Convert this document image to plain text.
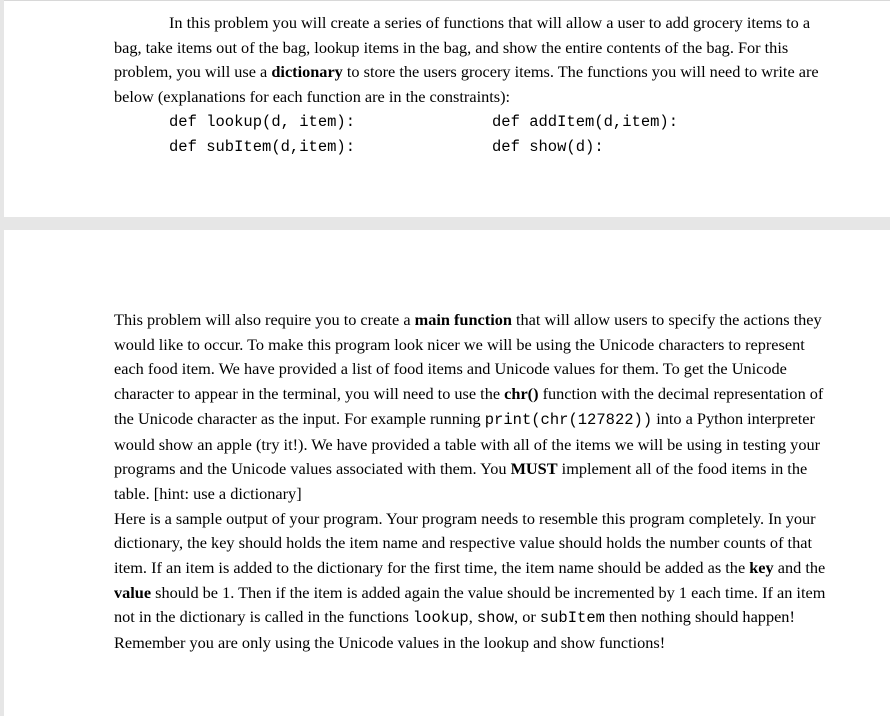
In this problem you will create a series of functions that will allow a user to add grocery items to a bag, take items out of the bag, lookup items in the bag, and show the entire contents of the bag. For this problem, you will use a dictionary to store the users grocery items. The functions you will need to write are below (explanations for each function are in the constraints):

def lookup(d, item):	def addItem(d,item):
def subItem(d,item):	def show(d):

This problem will also require you to create a main function that will allow users to specify the actions they would like to occur. To make this program look nicer we will be using the Unicode characters to represent each food item. We have provided a list of food items and Unicode values for them. To get the Unicode character to appear in the terminal, you will need to use the chr() function with the decimal representation of the Unicode character as the input. For example running print(chr(127822)) into a Python interpreter would show an apple (try it!). We have provided a table with all of the items we will be using in testing your programs and the Unicode values associated with them. You MUST implement all of the food items in the table. [hint: use a dictionary]

Here is a sample output of your program. Your program needs to resemble this program completely. In your dictionary, the key should holds the item name and respective value should holds the number counts of that item. If an item is added to the dictionary for the first time, the item name should be added as the key and the value should be 1. Then if the item is added again the value should be incremented by 1 each time. If an item not in the dictionary is called in the functions lookup, show, or subItem then nothing should happen! Remember you are only using the Unicode values in the lookup and show functions!
